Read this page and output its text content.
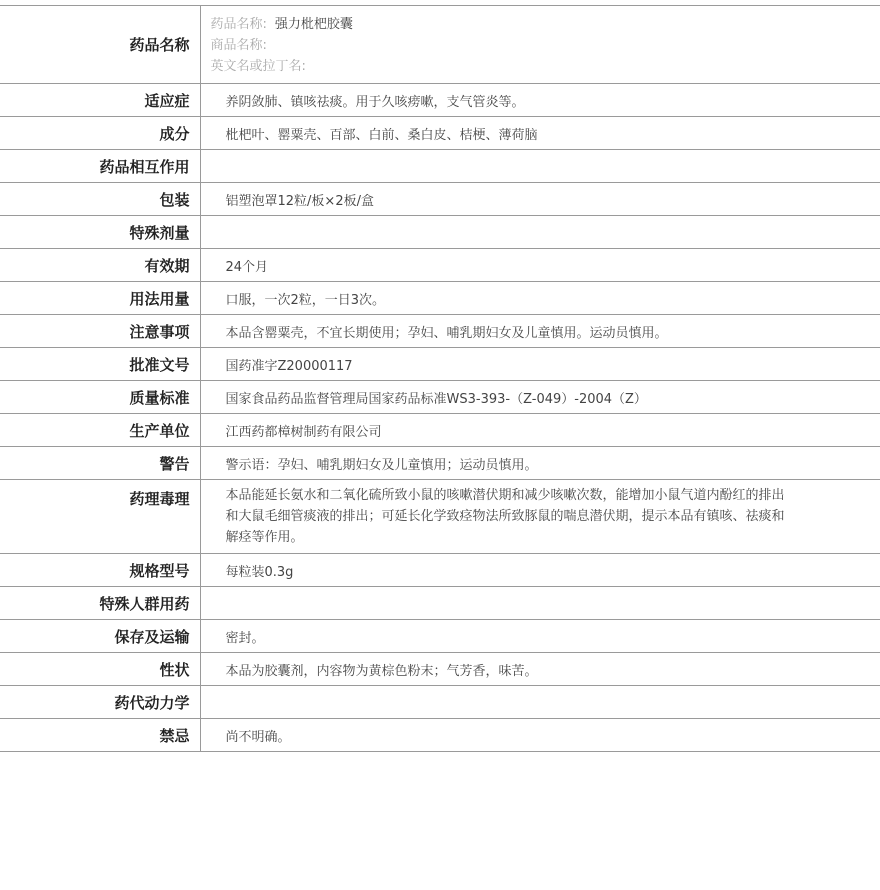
药品名称	药品名称: 强力枇杷胶囊
商品名称:
英文名或拉丁名:

适应症	养阴敛肺、镇咳祛痰。用于久咳痨嗽，支气管炎等。
成分	枇杷叶、罂粟壳、百部、白前、桑白皮、桔梗、薄荷脑
药品相互作用	
包装	铝塑泡罩12粒/板×2板/盒
特殊剂量	
有效期	24个月
用法用量	口服，一次2粒，一日3次。
注意事项	本品含罂粟壳，不宜长期使用；孕妇、哺乳期妇女及儿童慎用。运动员慎用。
批准文号	国药准字Z20000117
质量标准	国家食品药品监督管理局国家药品标准WS3-393-（Z-049）-2004（Z）
生产单位	江西药都樟树制药有限公司
警告	警示语：孕妇、哺乳期妇女及儿童慎用；运动员慎用。
药理毒理	本品能延长氨水和二氧化硫所致小鼠的咳嗽潜伏期和减少咳嗽次数，能增加小鼠气道内酚红的排出和大鼠毛细管痰液的排出；可延长化学致痉物法所致豚鼠的喘息潜伏期，提示本品有镇咳、祛痰和解痉等作用。
规格型号	每粒装0.3g
特殊人群用药	
保存及运输	密封。
性状	本品为胶囊剂，内容物为黄棕色粉末；气芳香，味苦。
药代动力学	
禁忌	尚不明确。
